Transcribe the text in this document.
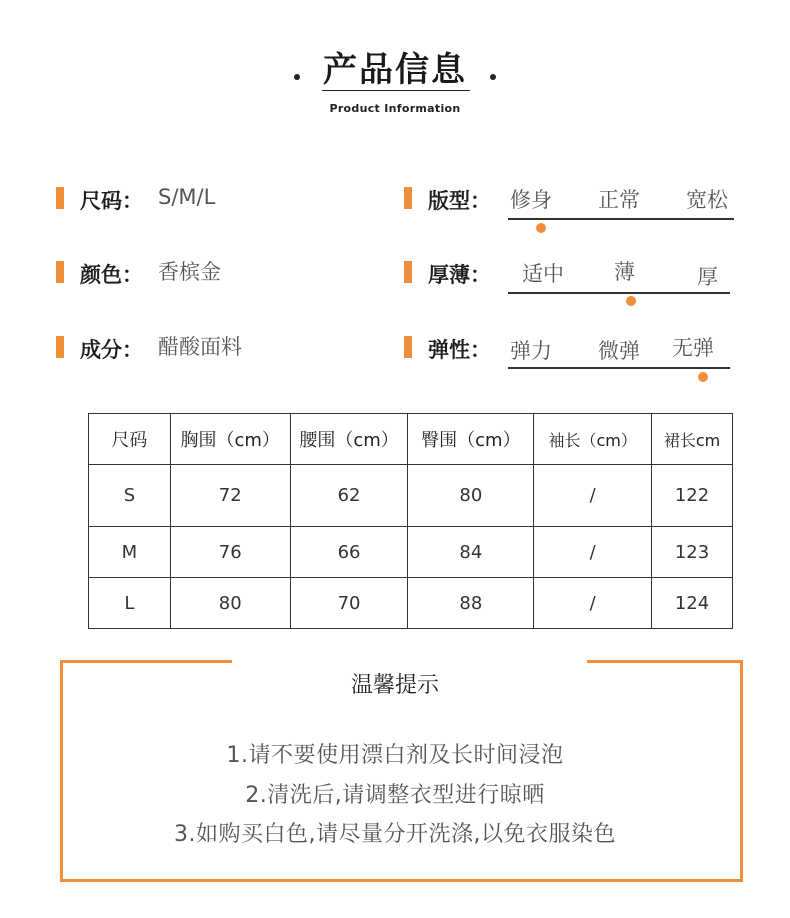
产品信息
Product Information
尺码： S/M/L
颜色： 香槟金
成分： 醋酸面料
版型： 修身 正常 宽松
厚薄： 适中 薄	厚
弹性： 弹力 微弹 无弹
尺码	胸围（cm）	腰围（cm）	臀围（cm）	袖长（cm）	裙长cm
S	72	62	80	/	122
M	76	66	84	/	123
L	80	70	88	/	124
温馨提示
1.请不要使用漂白剂及长时间浸泡
2.清洗后,请调整衣型进行晾晒
3.如购买白色,请尽量分开洗涤,以免衣服染色
